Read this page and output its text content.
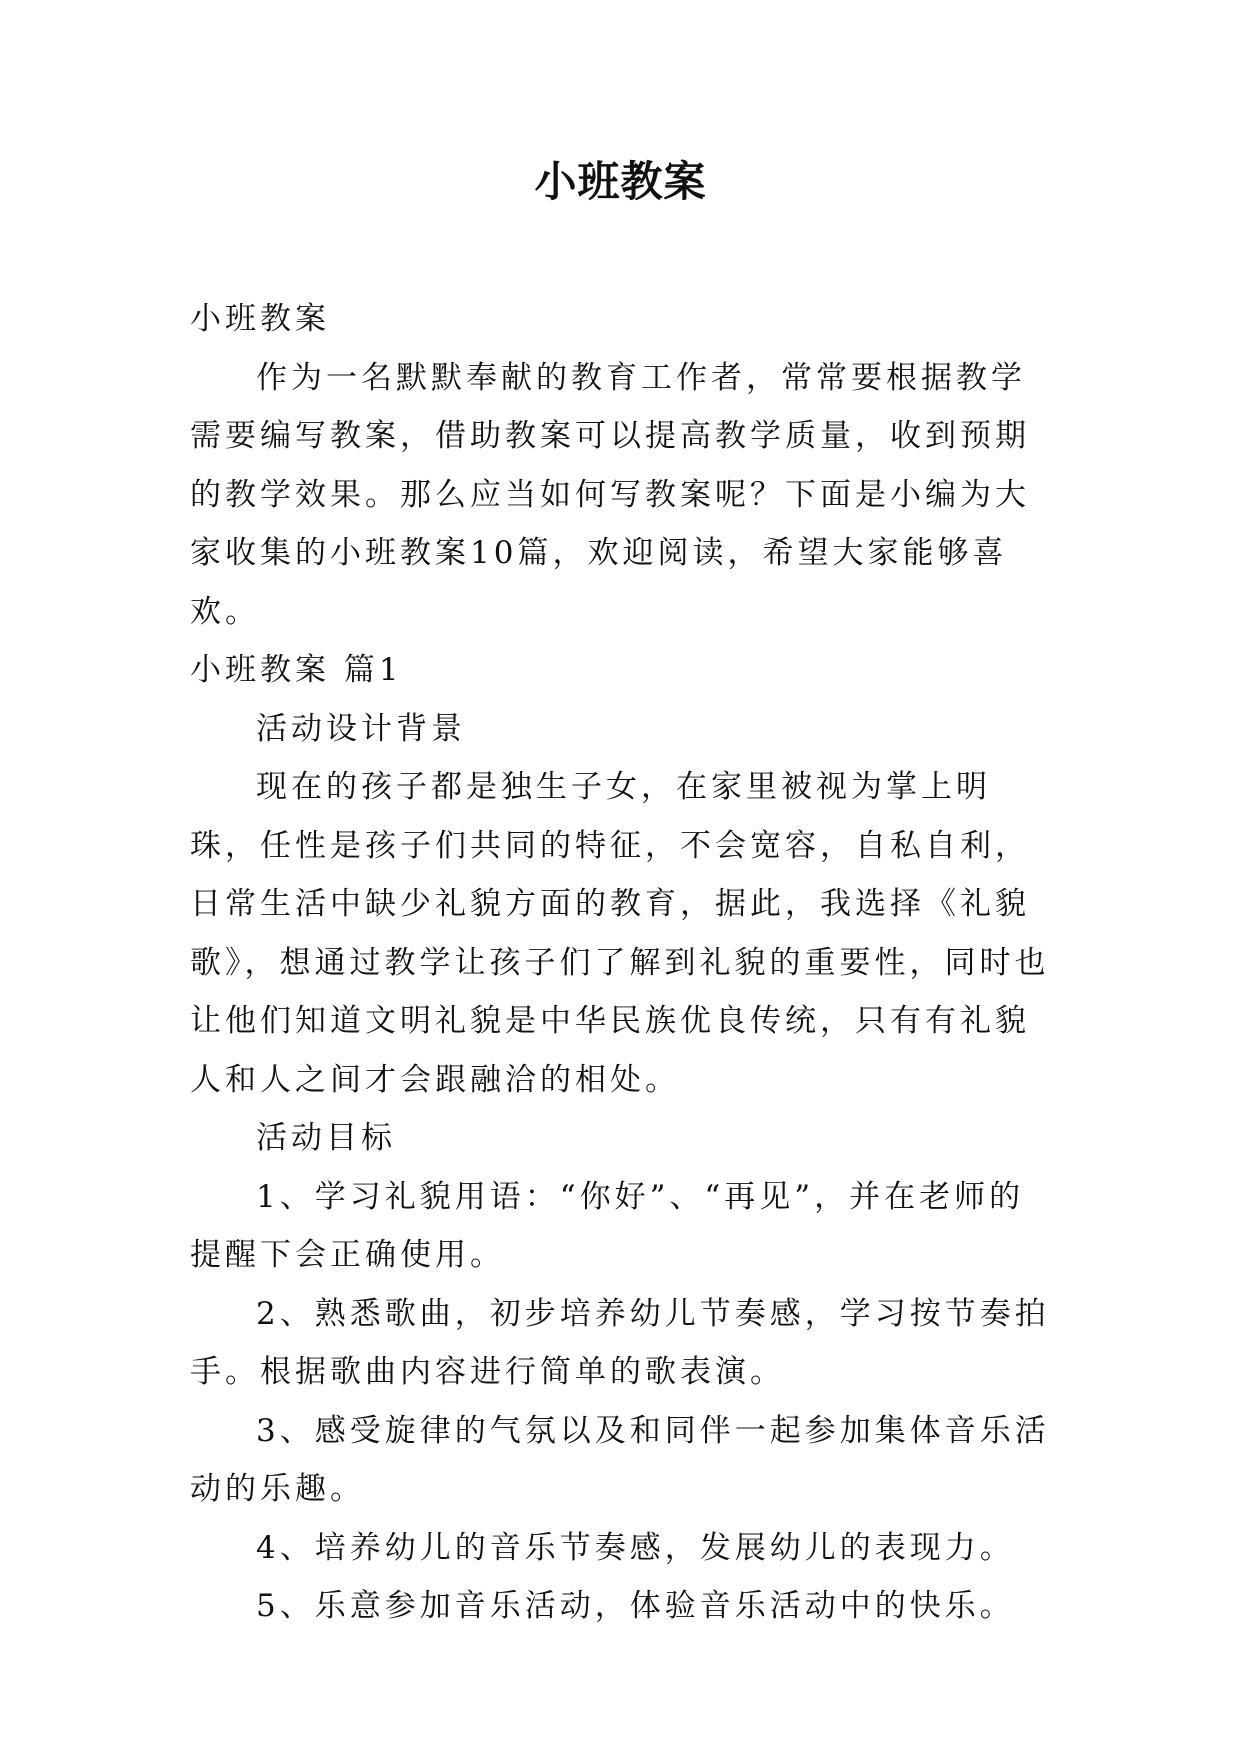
小班教案

小班教案

作为一名默默奉献的教育工作者，常常要根据教学需要编写教案，借助教案可以提高教学质量，收到预期的教学效果。那么应当如何写教案呢？下面是小编为大家收集的小班教案10篇，欢迎阅读，希望大家能够喜欢。

小班教案 篇1

活动设计背景

现在的孩子都是独生子女，在家里被视为掌上明珠，任性是孩子们共同的特征，不会宽容，自私自利，日常生活中缺少礼貌方面的教育，据此，我选择《礼貌歌》，想通过教学让孩子们了解到礼貌的重要性，同时也让他们知道文明礼貌是中华民族优良传统，只有有礼貌人和人之间才会跟融洽的相处。

活动目标

1、学习礼貌用语：“你好”、“再见”，并在老师的提醒下会正确使用。

2、熟悉歌曲，初步培养幼儿节奏感，学习按节奏拍手。根据歌曲内容进行简单的歌表演。

3、感受旋律的气氛以及和同伴一起参加集体音乐活动的乐趣。

4、培养幼儿的音乐节奏感，发展幼儿的表现力。

5、乐意参加音乐活动，体验音乐活动中的快乐。
